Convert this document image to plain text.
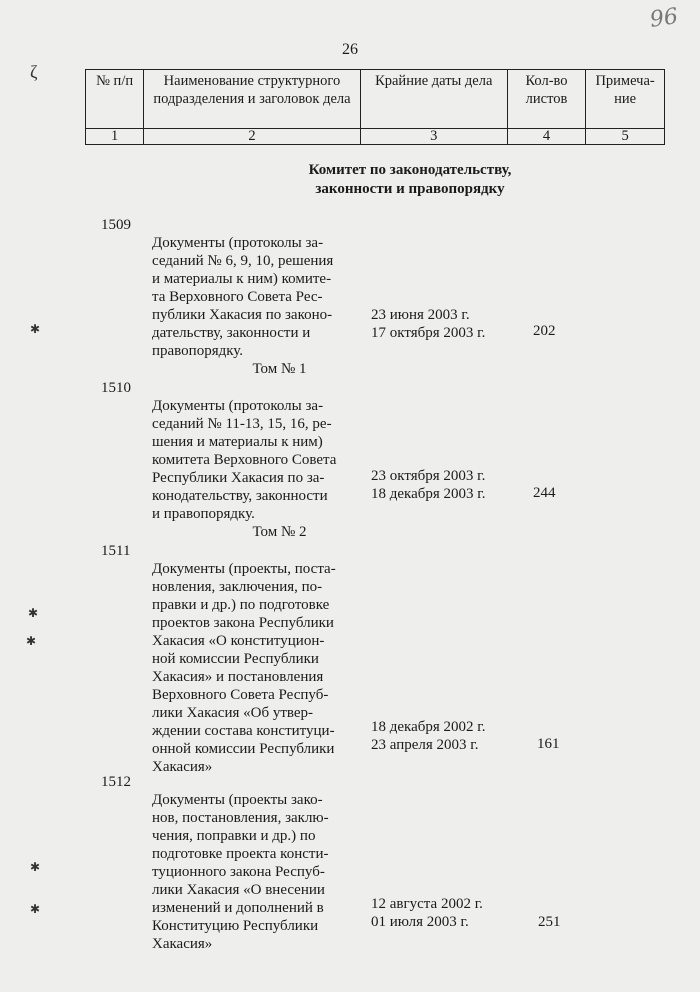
96
26
№ п/п	Наименование структурного подразделения и заголовок дела	Крайние даты дела	Кол-во листов	Примеча-ние
1	2	3	4	5
Комитет по законодательству, законности и правопорядку
1509

Документы (протоколы за-
седаний № 6, 9, 10, решения
и материалы к ним) комите-
та Верховного Совета Рес-
публики Хакасия по законо-
дательству, законности и
правопорядку.

Том № 1

23 июня 2003 г.
17 октября 2003 г.	202
1510

Документы (протоколы за-
седаний № 11-13, 15, 16, ре-
шения и материалы к ним)
комитета Верховного Совета
Республики Хакасия по за-
конодательству, законности
и правопорядку.

Том № 2

23 октября 2003 г.
18 декабря 2003 г.	244
1511

Документы (проекты, поста-
новления, заключения, по-
правки и др.) по подготовке
проектов закона Республики
Хакасия «О конституцион-
ной комиссии Республики
Хакасия» и постановления
Верховного Совета Респуб-
лики Хакасия «Об утвер-
ждении состава конституци-
онной комиссии Республики
Хакасия»

18 декабря 2002 г.
23 апреля 2003 г.	161
1512

Документы (проекты зако-
нов, постановления, заклю-
чения, поправки и др.) по
подготовке проекта консти-
туционного закона Респуб-
лики Хакасия «О внесении
изменений и дополнений в
Конституцию Республики
Хакасия»

12 августа 2002 г.
01 июля 2003 г.	251
ζ
✱
✱
✱
✱
✱
